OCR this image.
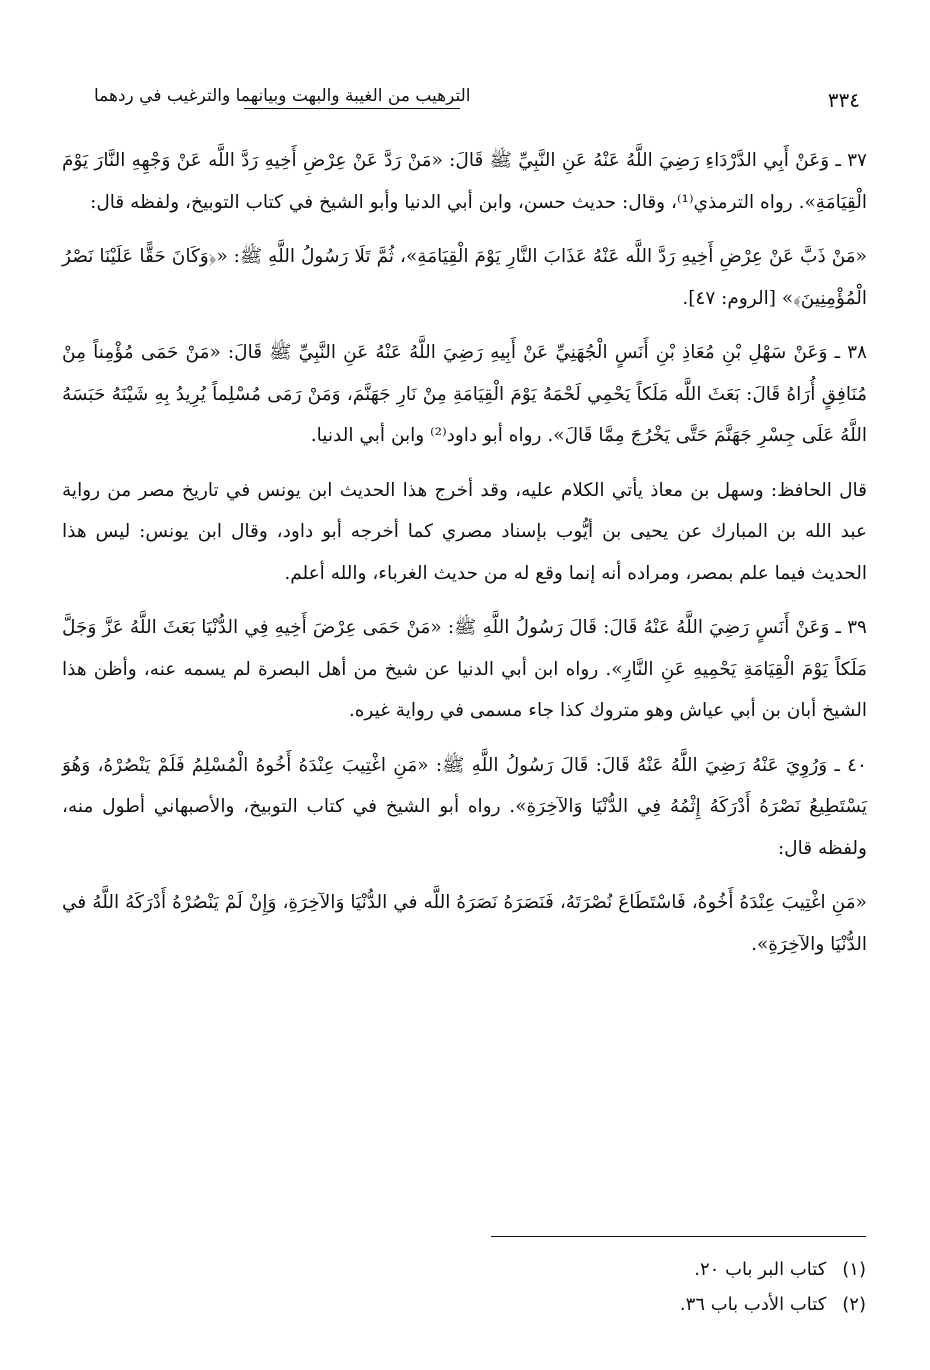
٣٣٤
الترهيب من الغيبة والبهت وبيانهما والترغيب في ردهما

٣٧ ـ وَعَنْ أَبِي الدَّرْدَاءِ رَضِيَ اللَّهُ عَنْهُ عَنِ النَّبِيِّ ﷺ قَالَ: «مَنْ رَدَّ عَنْ عِرْضِ أَخِيهِ رَدَّ اللَّه عَنْ وَجْهِهِ النَّارَ يَوْمَ الْقِيَامَةِ». رواه الترمذي⁽¹⁾، وقال: حديث حسن، وابن أبي الدنيا وأبو الشيخ في كتاب التوبيخ، ولفظه قال:

«مَنْ ذَبَّ عَنْ عِرْضِ أَخِيهِ رَدَّ اللَّه عَنْهُ عَذَابَ النَّارِ يَوْمَ الْقِيَامَةِ»، ثُمَّ تَلَا رَسُولُ اللَّهِ ﷺ: «﴿وَكَانَ حَقًّا عَلَيْنَا نَصْرُ الْمُؤْمِنِينَ﴾» [الروم: ٤٧].

٣٨ ـ وَعَنْ سَهْلِ بْنِ مُعَاذِ بْنِ أَنَسٍ الْجُهَنِيِّ عَنْ أَبِيهِ رَضِيَ اللَّهُ عَنْهُ عَنِ النَّبِيِّ ﷺ قَالَ: «مَنْ حَمَى مُؤْمِناً مِنْ مُنَافِقٍ أُرَاهُ قَالَ: بَعَثَ اللَّه مَلَكاً يَحْمِي لَحْمَهُ يَوْمَ الْقِيَامَةِ مِنْ نَارِ جَهَنَّمَ، وَمَنْ رَمَى مُسْلِماً يُرِيدُ بِهِ شَيْنَهُ حَبَسَهُ اللَّهُ عَلَى جِسْرِ جَهَنَّمَ حَتَّى يَخْرُجَ مِمَّا قَالَ». رواه أبو داود⁽²⁾ وابن أبي الدنيا.

قال الحافظ: وسهل بن معاذ يأتي الكلام عليه، وقد أخرج هذا الحديث ابن يونس في تاريخ مصر من رواية عبد الله بن المبارك عن يحيى بن أيُّوب بإسناد مصري كما أخرجه أبو داود، وقال ابن يونس: ليس هذا الحديث فيما علم بمصر، ومراده أنه إنما وقع له من حديث الغرباء، والله أعلم.

٣٩ ـ وَعَنْ أَنَسٍ رَضِيَ اللَّهُ عَنْهُ قَالَ: قَالَ رَسُولُ اللَّهِ ﷺ: «مَنْ حَمَى عِرْضَ أَخِيهِ فِي الدُّنْيَا بَعَثَ اللَّهُ عَزَّ وَجَلَّ مَلَكاً يَوْمَ الْقِيَامَةِ يَحْمِيهِ عَنِ النَّارِ». رواه ابن أبي الدنيا عن شيخ من أهل البصرة لم يسمه عنه، وأظن هذا الشيخ أبان بن أبي عياش وهو متروك كذا جاء مسمى في رواية غيره.

٤٠ ـ وَرُوِيَ عَنْهُ رَضِيَ اللَّهُ عَنْهُ قَالَ: قَالَ رَسُولُ اللَّهِ ﷺ: «مَنِ اغْتِيبَ عِنْدَهُ أَخُوهُ الْمُسْلِمُ فَلَمْ يَنْصُرْهُ، وَهُوَ يَسْتَطِيعُ نَصْرَهُ أَدْرَكَهُ إِثْمُهُ فِي الدُّنْيَا وَالآخِرَةِ». رواه أبو الشيخ في كتاب التوبيخ، والأصبهاني أطول منه، ولفظه قال:

«مَنِ اغْتِيبَ عِنْدَهُ أَخُوهُ، فَاسْتَطَاعَ نُصْرَتَهُ، فَنَصَرَهُ نَصَرَهُ اللَّه في الدُّنْيَا وَالآخِرَةِ، وَإِنْ لَمْ يَنْصُرْهُ أَدْرَكَهُ اللَّهُ في الدُّنْيَا والآخِرَةِ».

(١) كتاب البر باب ٢٠.
(٢) كتاب الأدب باب ٣٦.
